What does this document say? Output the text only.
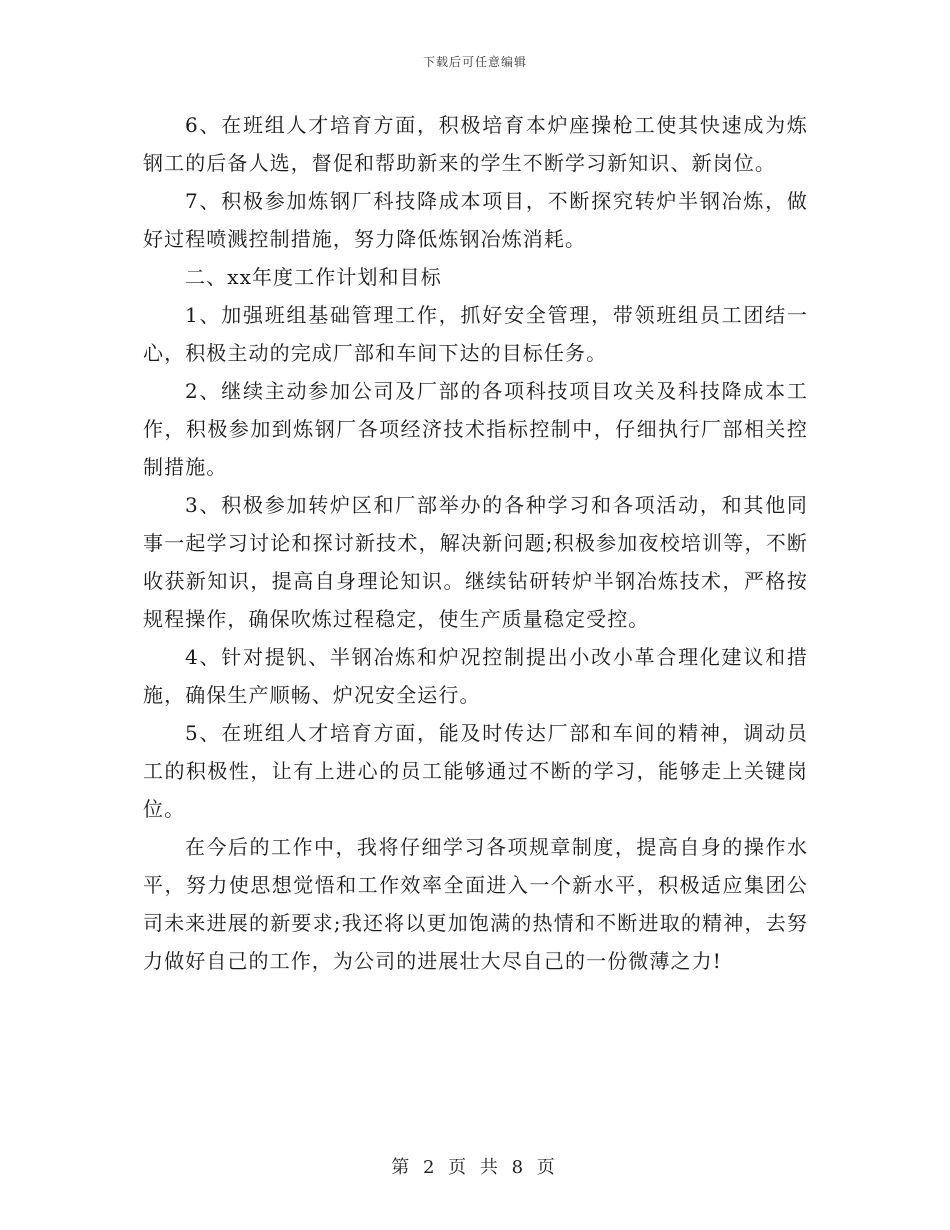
下载后可任意编辑

6、在班组人才培育方面，积极培育本炉座操枪工使其快速成为炼钢工的后备人选，督促和帮助新来的学生不断学习新知识、新岗位。

7、积极参加炼钢厂科技降成本项目，不断探究转炉半钢冶炼，做好过程喷溅控制措施，努力降低炼钢冶炼消耗。

二、xx年度工作计划和目标

1、加强班组基础管理工作，抓好安全管理，带领班组员工团结一心，积极主动的完成厂部和车间下达的目标任务。

2、继续主动参加公司及厂部的各项科技项目攻关及科技降成本工作，积极参加到炼钢厂各项经济技术指标控制中，仔细执行厂部相关控制措施。

3、积极参加转炉区和厂部举办的各种学习和各项活动，和其他同事一起学习讨论和探讨新技术，解决新问题;积极参加夜校培训等，不断收获新知识，提高自身理论知识。继续钻研转炉半钢冶炼技术，严格按规程操作，确保吹炼过程稳定，使生产质量稳定受控。

4、针对提钒、半钢冶炼和炉况控制提出小改小革合理化建议和措施，确保生产顺畅、炉况安全运行。

5、在班组人才培育方面，能及时传达厂部和车间的精神，调动员工的积极性，让有上进心的员工能够通过不断的学习，能够走上关键岗位。

在今后的工作中，我将仔细学习各项规章制度，提高自身的操作水平，努力使思想觉悟和工作效率全面进入一个新水平，积极适应集团公司未来进展的新要求;我还将以更加饱满的热情和不断进取的精神，去努力做好自己的工作，为公司的进展壮大尽自己的一份微薄之力!

第 2 页 共 8 页
